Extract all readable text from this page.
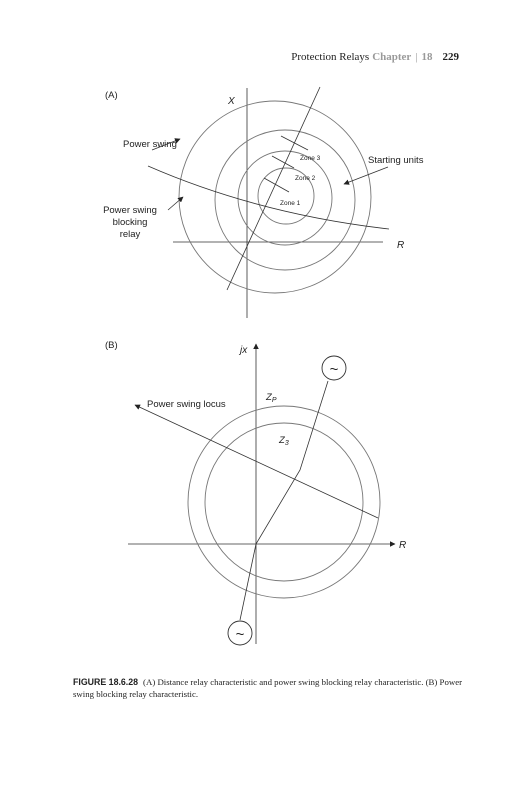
Protection Relays Chapter | 18 229
(A)
X
R
Zone 3
Zone 2
Zone 1
Power swing
Starting units
Power swing
blocking
relay
(B)	jx
R
~
~
Power swing locus
$Z_P$
$Z_3$
FIGURE 18.6.28 (A) Distance relay characteristic and power swing blocking relay characteristic. (B) Power swing blocking relay characteristic.
